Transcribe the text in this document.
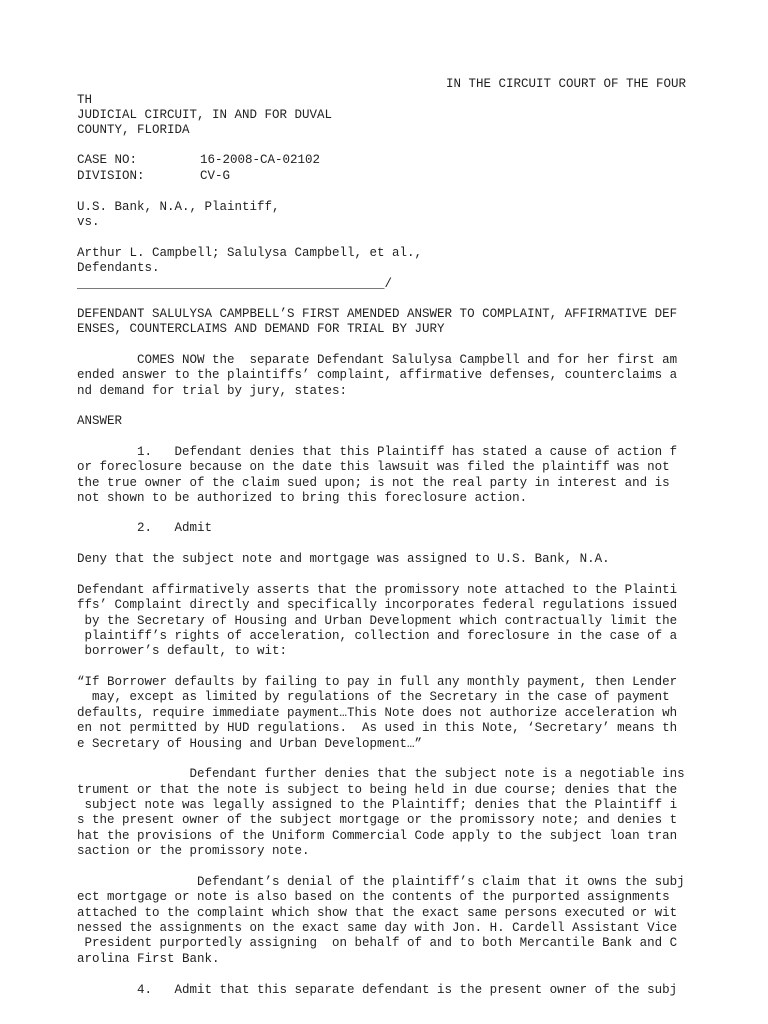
IN THE CIRCUIT COURT OF THE FOUR
TH
JUDICIAL CIRCUIT, IN AND FOR DUVAL
COUNTY, FLORIDA
CASE NO:	16-2008-CA-02102
DIVISION:	CV-G
U.S. Bank, N.A., Plaintiff,
vs.
Arthur L. Campbell; Salulysa Campbell, et al.,
Defendants.
_________________________________________/
DEFENDANT SALULYSA CAMPBELL’S FIRST AMENDED ANSWER TO COMPLAINT, AFFIRMATIVE DEF
ENSES, COUNTERCLAIMS AND DEMAND FOR TRIAL BY JURY
COMES NOW the  separate Defendant Salulysa Campbell and for her first am
ended answer to the plaintiffs’ complaint, affirmative defenses, counterclaims a
nd demand for trial by jury, states:
ANSWER
1.   Defendant denies that this Plaintiff has stated a cause of action f
or foreclosure because on the date this lawsuit was filed the plaintiff was not
the true owner of the claim sued upon; is not the real party in interest and is
not shown to be authorized to bring this foreclosure action.
2.   Admit
Deny that the subject note and mortgage was assigned to U.S. Bank, N.A.
Defendant affirmatively asserts that the promissory note attached to the Plainti
ffs’ Complaint directly and specifically incorporates federal regulations issued
by the Secretary of Housing and Urban Development which contractually limit the
plaintiff’s rights of acceleration, collection and foreclosure in the case of a
borrower’s default, to wit:
“If Borrower defaults by failing to pay in full any monthly payment, then Lender
may, except as limited by regulations of the Secretary in the case of payment
defaults, require immediate payment…This Note does not authorize acceleration wh
en not permitted by HUD regulations.  As used in this Note, ‘Secretary’ means th
e Secretary of Housing and Urban Development…”
Defendant further denies that the subject note is a negotiable ins
trument or that the note is subject to being held in due course; denies that the
subject note was legally assigned to the Plaintiff; denies that the Plaintiff i
s the present owner of the subject mortgage or the promissory note; and denies t
hat the provisions of the Uniform Commercial Code apply to the subject loan tran
saction or the promissory note.
Defendant’s denial of the plaintiff’s claim that it owns the subj
ect mortgage or note is also based on the contents of the purported assignments
attached to the complaint which show that the exact same persons executed or wit
nessed the assignments on the exact same day with Jon. H. Cardell Assistant Vice
President purportedly assigning  on behalf of and to both Mercantile Bank and C
arolina First Bank.
4.   Admit that this separate defendant is the present owner of the subj
